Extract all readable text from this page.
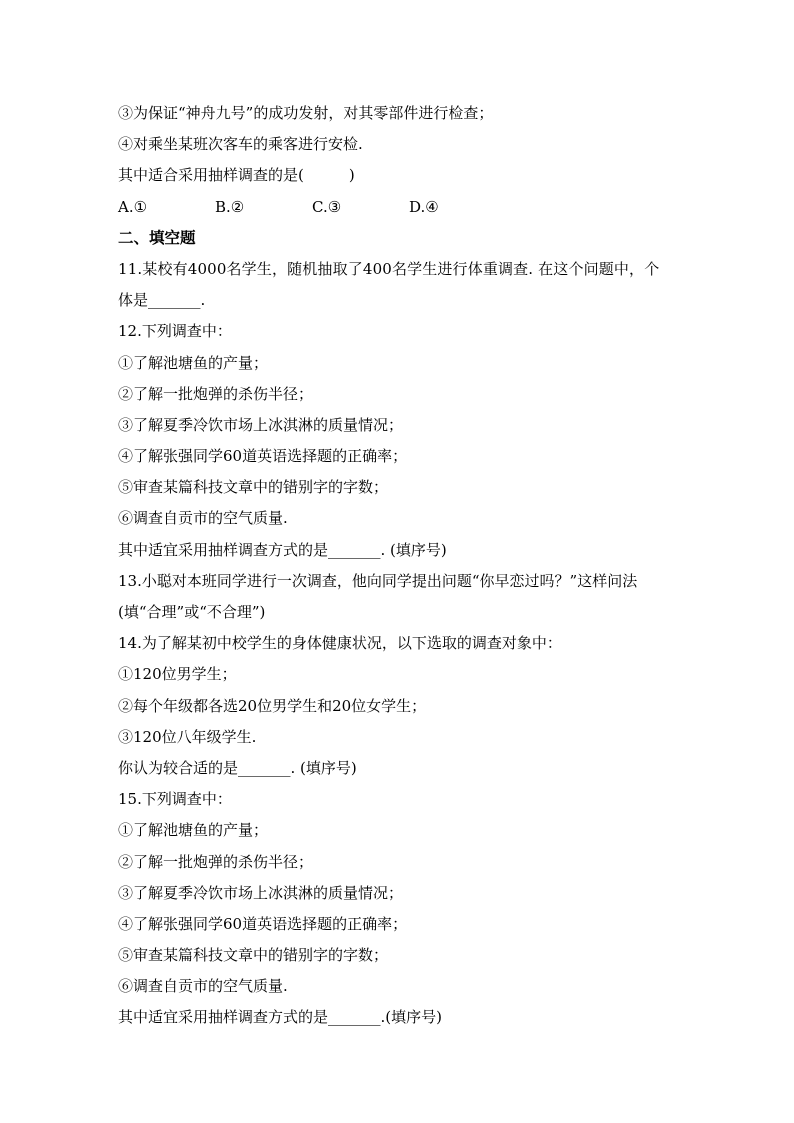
③为保证“神舟九号”的成功发射，对其零部件进行检查；
④对乘坐某班次客车的乘客进行安检.
其中适合采用抽样调查的是(　　　)
A.①	B.②	C.③	D.④
二、填空题
11.某校有4000名学生，随机抽取了400名学生进行体重调查. 在这个问题中，个
体是_______.
12.下列调查中：
①了解池塘鱼的产量；
②了解一批炮弹的杀伤半径；
③了解夏季冷饮市场上冰淇淋的质量情况；
④了解张强同学60道英语选择题的正确率；
⑤审查某篇科技文章中的错别字的字数；
⑥调查自贡市的空气质量.
其中适宜采用抽样调查方式的是_______. (填序号)
13.小聪对本班同学进行一次调查，他向同学提出问题“你早恋过吗？”这样问法
(填“合理”或“不合理”)
14.为了解某初中校学生的身体健康状况，以下选取的调查对象中：
①120位男学生；
②每个年级都各选20位男学生和20位女学生；
③120位八年级学生.
你认为较合适的是_______. (填序号)
15.下列调查中：
①了解池塘鱼的产量；
②了解一批炮弹的杀伤半径；
③了解夏季冷饮市场上冰淇淋的质量情况；
④了解张强同学60道英语选择题的正确率；
⑤审查某篇科技文章中的错别字的字数；
⑥调查自贡市的空气质量.
其中适宜采用抽样调查方式的是_______.(填序号)
